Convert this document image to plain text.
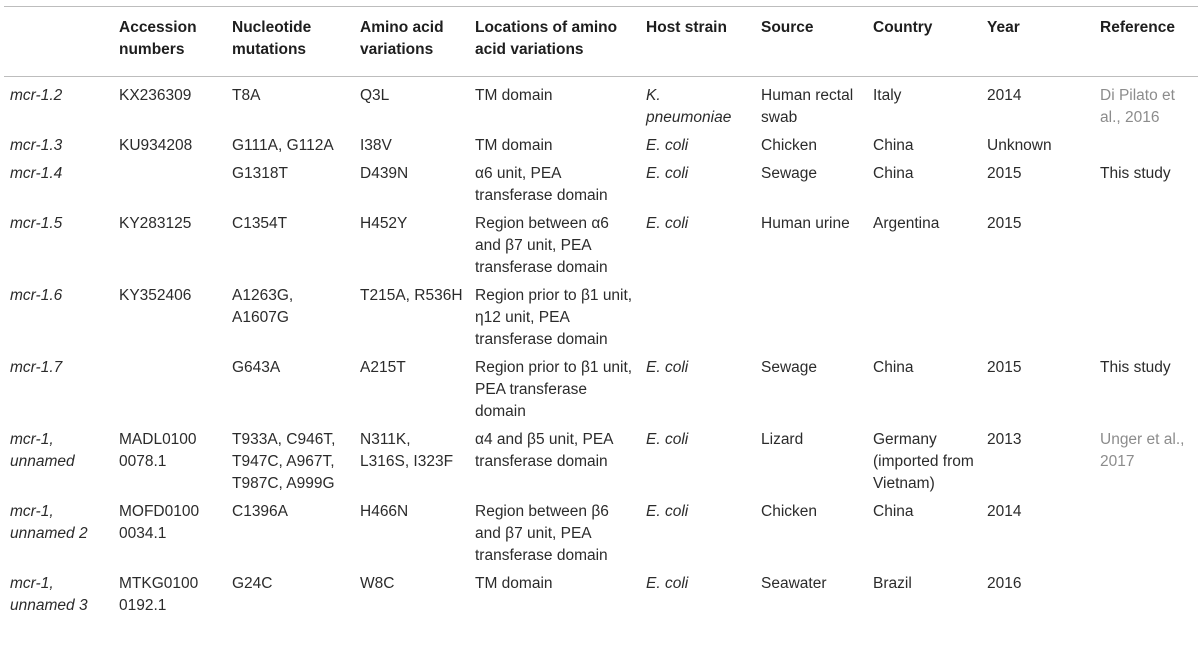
	Accession numbers	Nucleotide mutations	Amino acid variations	Locations of amino acid variations	Host strain	Source	Country	Year	Reference
mcr-1.2	KX236309	T8A	Q3L	TM domain	K. pneumoniae	Human rectal swab	Italy	2014	Di Pilato et al., 2016
mcr-1.3	KU934208	G111A, G112A	I38V	TM domain	E. coli	Chicken	China	Unknown	
mcr-1.4		G1318T	D439N	α6 unit, PEA transferase domain	E. coli	Sewage	China	2015	This study
mcr-1.5	KY283125	C1354T	H452Y	Region between α6 and β7 unit, PEA transferase domain	E. coli	Human urine	Argentina	2015	
mcr-1.6	KY352406	A1263G, A1607G	T215A, R536H	Region prior to β1 unit, η12 unit, PEA transferase domain					
mcr-1.7		G643A	A215T	Region prior to β1 unit, PEA transferase domain	E. coli	Sewage	China	2015	This study
mcr-1, unnamed	MADL0100 0078.1	T933A, C946T, T947C, A967T, T987C, A999G	N311K, L316S, I323F	α4 and β5 unit, PEA transferase domain	E. coli	Lizard	Germany (imported from Vietnam)	2013	Unger et al., 2017
mcr-1, unnamed 2	MOFD0100 0034.1	C1396A	H466N	Region between β6 and β7 unit, PEA transferase domain	E. coli	Chicken	China	2014	
mcr-1, unnamed 3	MTKG0100 0192.1	G24C	W8C	TM domain	E. coli	Seawater	Brazil	2016	
